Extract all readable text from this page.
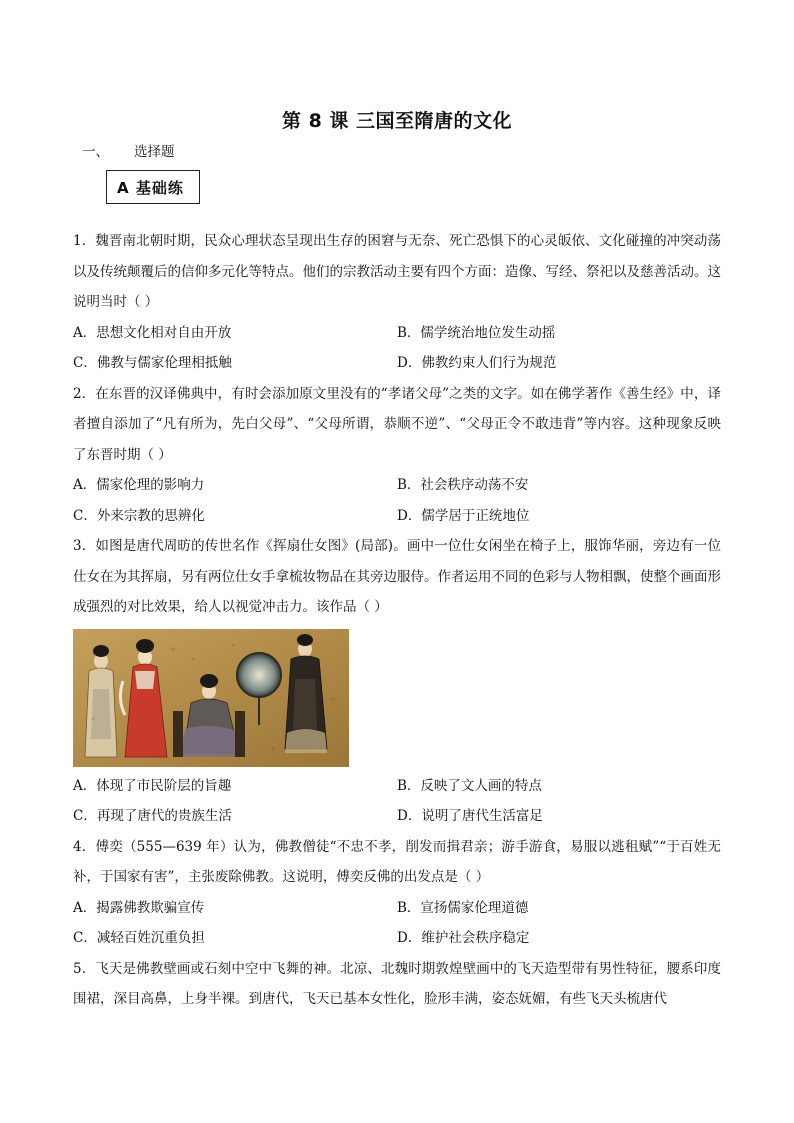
第 8 课 三国至隋唐的文化
一、 选择题
A 基础练

1．魏晋南北朝时期，民众心理状态呈现出生存的困窘与无奈、死亡恐惧下的心灵皈依、文化碰撞的冲突动荡以及传统颠覆后的信仰多元化等特点。他们的宗教活动主要有四个方面：造像、写经、祭祀以及慈善活动。这说明当时（ ）

A．思想文化相对自由开放	B．儒学统治地位发生动摇
C．佛教与儒家伦理相抵触	D．佛教约束人们行为规范

2．在东晋的汉译佛典中，有时会添加原文里没有的“孝诸父母”之类的文字。如在佛学著作《善生经》中，译者擅自添加了“凡有所为，先白父母”、“父母所谓，恭顺不逆”、“父母正令不敢违背”等内容。这种现象反映了东晋时期（ ）

A．儒家伦理的影响力	B．社会秩序动荡不安
C．外来宗教的思辨化	D．儒学居于正统地位

3．如图是唐代周昉的传世名作《挥扇仕女图》(局部)。画中一位仕女闲坐在椅子上，服饰华丽，旁边有一位仕女在为其挥扇，另有两位仕女手拿梳妆物品在其旁边服侍。作者运用不同的色彩与人物相飘，使整个画面形成强烈的对比效果，给人以视觉冲击力。该作品（ ）

A．体现了市民阶层的旨趣	B．反映了文人画的特点
C．再现了唐代的贵族生活	D．说明了唐代生活富足

4．傅奕（555—639 年）认为，佛教僧徒“不忠不孝，削发而揖君亲；游手游食，易服以逃租赋”“于百姓无补，于国家有害”，主张废除佛教。这说明，傅奕反佛的出发点是（ ）

A．揭露佛教欺骗宣传	B．宣扬儒家伦理道德
C．减轻百姓沉重负担	D．维护社会秩序稳定

5．飞天是佛教壁画或石刻中空中飞舞的神。北凉、北魏时期敦煌壁画中的飞天造型带有男性特征，腰系印度围裙，深目高鼻，上身半裸。到唐代，飞天已基本女性化，脸形丰满，姿态妩媚，有些飞天头梳唐代
